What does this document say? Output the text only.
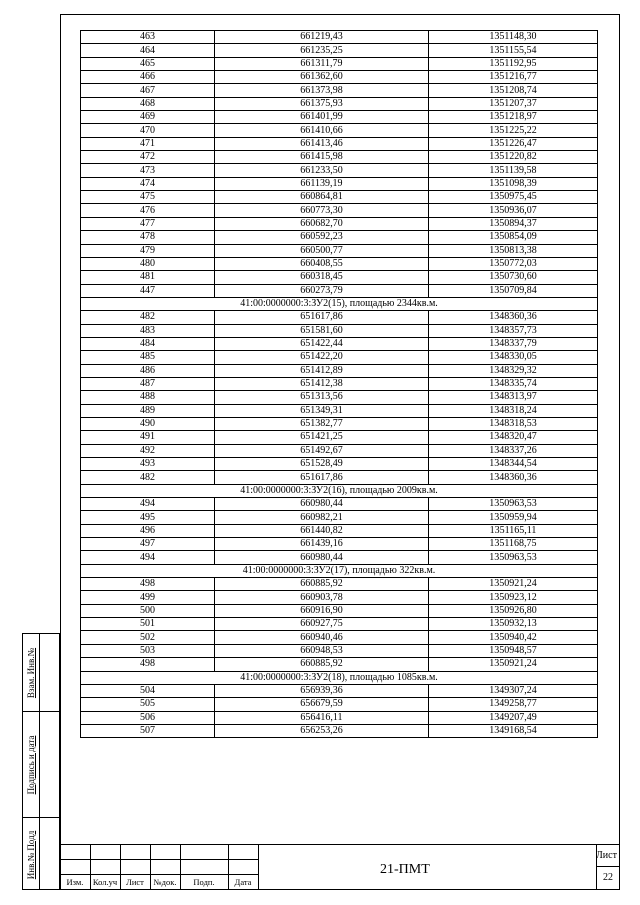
463	661219,43	1351148,30
464	661235,25	1351155,54
465	661311,79	1351192,95
466	661362,60	1351216,77
467	661373,98	1351208,74
468	661375,93	1351207,37
469	661401,99	1351218,97
470	661410,66	1351225,22
471	661413,46	1351226,47
472	661415,98	1351220,82
473	661233,50	1351139,58
474	661139,19	1351098,39
475	660864,81	1350975,45
476	660773,30	1350936,07
477	660682,70	1350894,37
478	660592,23	1350854,09
479	660500,77	1350813,38
480	660408,55	1350772,03
481	660318,45	1350730,60
447	660273,79	1350709,84
41:00:0000000:3:ЗУ2(15), площадью 2344кв.м.		
482	651617,86	1348360,36
483	651581,60	1348357,73
484	651422,44	1348337,79
485	651422,20	1348330,05
486	651412,89	1348329,32
487	651412,38	1348335,74
488	651313,56	1348313,97
489	651349,31	1348318,24
490	651382,77	1348318,53
491	651421,25	1348320,47
492	651492,67	1348337,26
493	651528,49	1348344,54
482	651617,86	1348360,36
41:00:0000000:3:ЗУ2(16), площадью 2009кв.м.		
494	660980,44	1350963,53
495	660982,21	1350959,94
496	661440,82	1351165,11
497	661439,16	1351168,75
494	660980,44	1350963,53
41:00:0000000:3:ЗУ2(17), площадью 322кв.м.		
498	660885,92	1350921,24
499	660903,78	1350923,12
500	660916,90	1350926,80
501	660927,75	1350932,13
502	660940,46	1350940,42
503	660948,53	1350948,57
498	660885,92	1350921,24
41:00:0000000:3:ЗУ2(18), площадью 1085кв.м.		
504	656939,36	1349307,24
505	656679,59	1349258,77
506	656416,11	1349207,49
507	656253,26	1349168,54
Взам. Инв.№
Подпись и дата
Инв.№ Подл
Изм.	Кол.уч	Лист	№док.	Подп.	Дата
21-ПМТ
Лист
22
